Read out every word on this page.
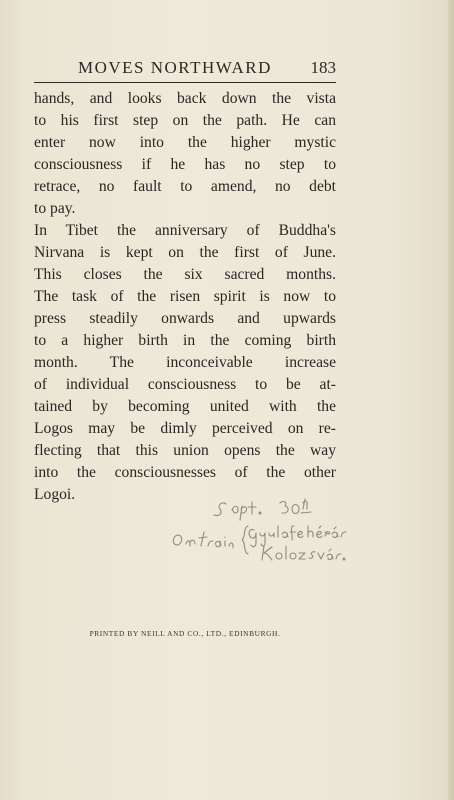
MOVES NORTHWARD 183

hands, and looks back down the vista
to his first step on the path. He can
enter now into the higher mystic
consciousness if he has no step to
retrace, no fault to amend, no debt
to pay.

In Tibet the anniversary of Buddha's
Nirvana is kept on the first of June.
This closes the six sacred months.
The task of the risen spirit is now to
press steadily onwards and upwards
to a higher birth in the coming birth
month. The inconceivable increase
of individual consciousness to be at-
tained by becoming united with the
Logos may be dimly perceived on re-
flecting that this union opens the way
into the consciousnesses of the other
Logoi.

PRINTED BY NEILL AND CO., LTD., EDINBURGH.
